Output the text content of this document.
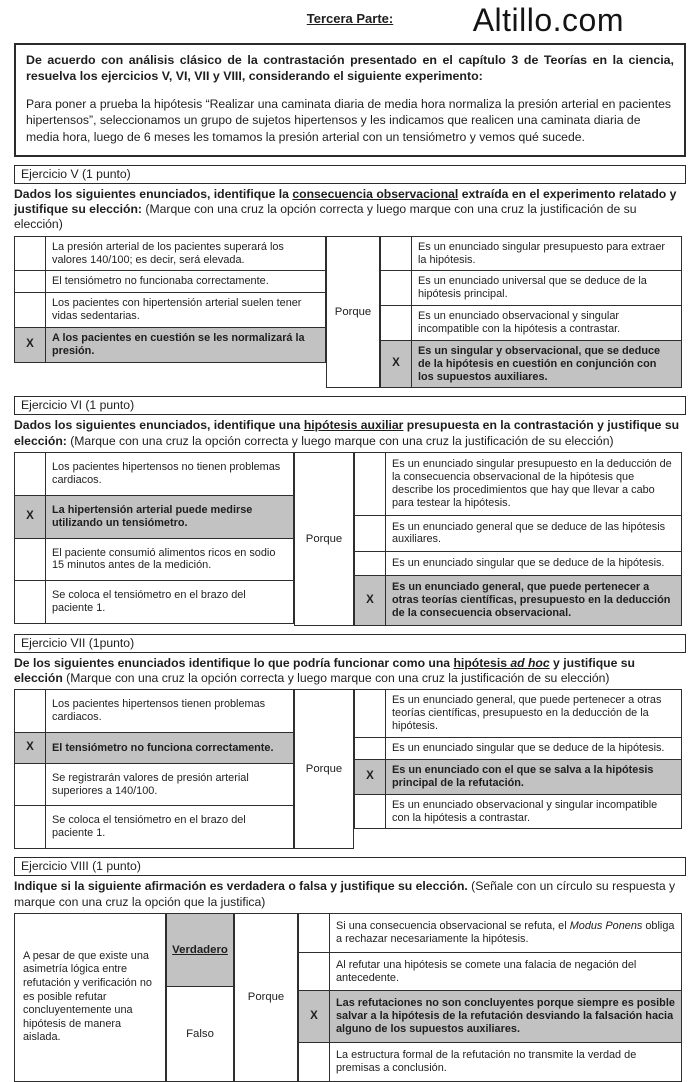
Tercera Parte:	Altillo.com

De acuerdo con análisis clásico de la contrastación presentado en el capítulo 3 de Teorías en la ciencia, resuelva los ejercicios V, VI, VII y VIII, considerando el siguiente experimento:

Para poner a prueba la hipótesis “Realizar una caminata diaria de media hora normaliza la presión arterial en pacientes hipertensos”, seleccionamos un grupo de sujetos hipertensos y les indicamos que realicen una caminata diaria de media hora, luego de 6 meses les tomamos la presión arterial con un tensiómetro y vemos qué sucede.

Ejercicio V (1 punto)

Dados los siguientes enunciados, identifique la consecuencia observacional extraída en el experimento relatado y justifique su elección: (Marque con una cruz la opción correcta y luego marque con una cruz la justificación de su elección)

	La presión arterial de los pacientes superará los valores 140/100; es decir, será elevada.
	El tensiómetro no funcionaba correctamente.
	Los pacientes con hipertensión arterial suelen tener vidas sedentarias.
X	A los pacientes en cuestión se les normalizará la presión.
Porque
	Es un enunciado singular presupuesto para extraer la hipótesis.
	Es un enunciado universal que se deduce de la hipótesis principal.
	Es un enunciado observacional y singular incompatible con la hipótesis a contrastar.
X	Es un singular y observacional, que se deduce de la hipótesis en cuestión en conjunción con los supuestos auxiliares.
Ejercicio VI (1 punto)

Dados los siguientes enunciados, identifique una hipótesis auxiliar presupuesta en la contrastación y justifique su elección: (Marque con una cruz la opción correcta y luego marque con una cruz la justificación de su elección)

	Los pacientes hipertensos no tienen problemas cardiacos.
X	La hipertensión arterial puede medirse utilizando un tensiómetro.
	El paciente consumió alimentos ricos en sodio 15 minutos antes de la medición.
	Se coloca el tensiómetro en el brazo del paciente 1.
Porque
	Es un enunciado singular presupuesto en la deducción de la consecuencia observacional de la hipótesis que describe los procedimientos que hay que llevar a cabo para testear la hipótesis.
	Es un enunciado general que se deduce de las hipótesis auxiliares.
	Es un enunciado singular que se deduce de la hipótesis.
X	Es un enunciado general, que puede pertenecer a otras teorías científicas, presupuesto en la deducción de la consecuencia observacional.
Ejercicio VII (1punto)

De los siguientes enunciados identifique lo que podría funcionar como una hipótesis ad hoc y justifique su elección (Marque con una cruz la opción correcta y luego marque con una cruz la justificación de su elección)

	Los pacientes hipertensos tienen problemas cardiacos.
X	El tensiómetro no funciona correctamente.
	Se registrarán valores de presión arterial superiores a 140/100.
	Se coloca el tensiómetro en el brazo del paciente 1.
Porque
	Es un enunciado general, que puede pertenecer a otras teorías científicas, presupuesto en la deducción de la hipótesis.
	Es un enunciado singular que se deduce de la hipótesis.
X	Es un enunciado con el que se salva a la hipótesis principal de la refutación.
	Es un enunciado observacional y singular incompatible con la hipótesis a contrastar.
Ejercicio VIII (1 punto)

Indique si la siguiente afirmación es verdadera o falsa y justifique su elección. (Señale con un círculo su respuesta y marque con una cruz la opción que la justifica)

A pesar de que existe una asimetría lógica entre refutación y verificación no es posible refutar concluyentemente una hipótesis de manera aislada.
Verdadero
Falso
Porque
	Si una consecuencia observacional se refuta, el Modus Ponens obliga a rechazar necesariamente la hipótesis.
	Al refutar una hipótesis se comete una falacia de negación del antecedente.
X	Las refutaciones no son concluyentes porque siempre es posible salvar a la hipótesis de la refutación desviando la falsación hacia alguno de los supuestos auxiliares.
	La estructura formal de la refutación no transmite la verdad de premisas a conclusión.
